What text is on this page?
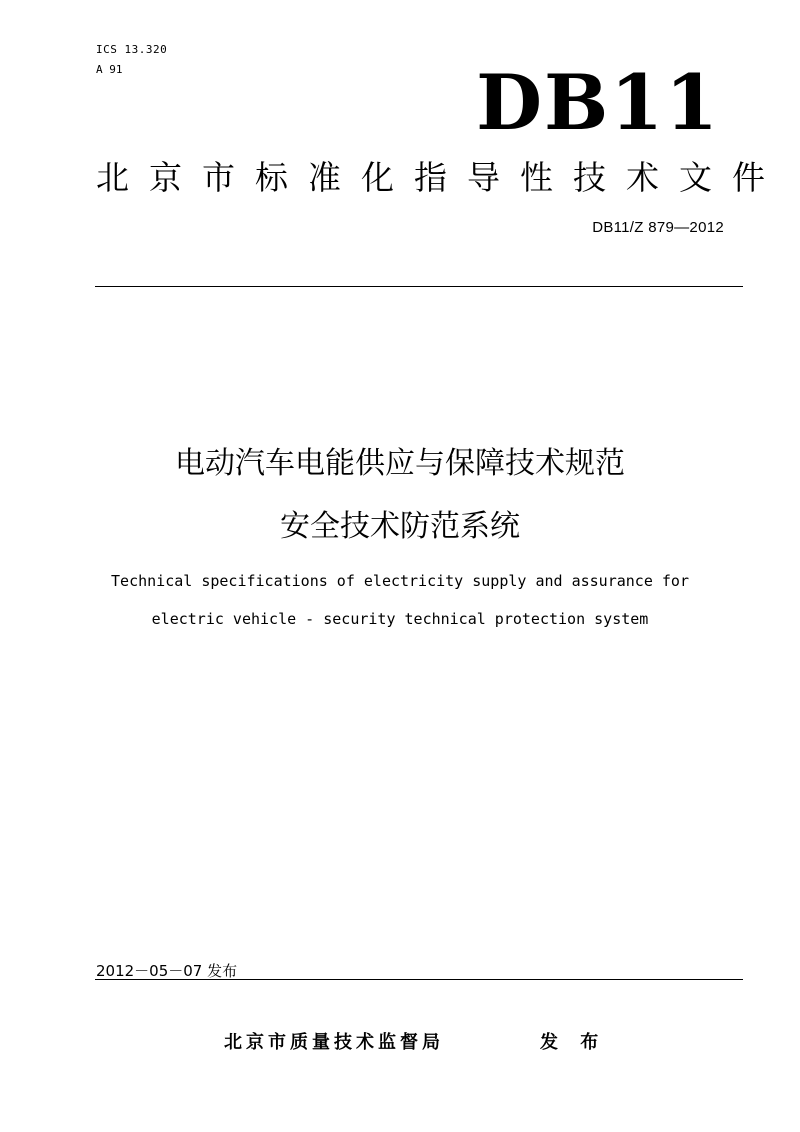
ICS 13.320
A 91	DB11
北京市标准化指导性技术文件
DB11/Z 879—2012
电动汽车电能供应与保障技术规范
安全技术防范系统
Technical specifications of electricity supply and assurance for
electric vehicle - security technical protection system
2012－05－07 发布
北京市质量技术监督局	发 布
